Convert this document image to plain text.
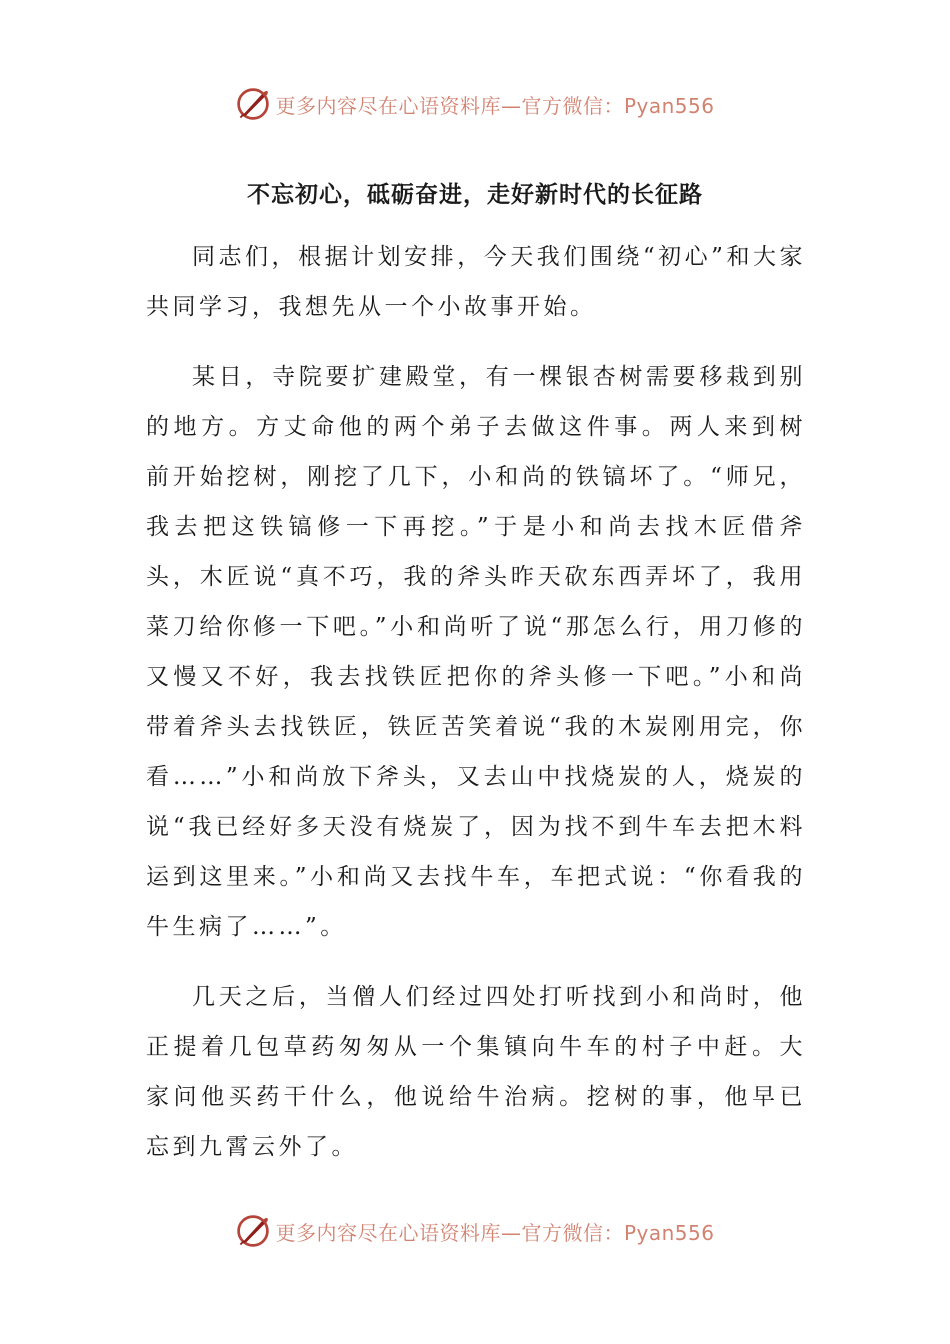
更多内容尽在心语资料库—官方微信：Pyan556
不忘初心，砥砺奋进，走好新时代的长征路

同志们，根据计划安排，今天我们围绕“初心”和大家共同学习，我想先从一个小故事开始。

某日，寺院要扩建殿堂，有一棵银杏树需要移栽到别的地方。方丈命他的两个弟子去做这件事。两人来到树前开始挖树，刚挖了几下，小和尚的铁镐坏了。“师兄，我去把这铁镐修一下再挖。”于是小和尚去找木匠借斧头，木匠说“真不巧，我的斧头昨天砍东西弄坏了，我用菜刀给你修一下吧。”小和尚听了说“那怎么行，用刀修的又慢又不好，我去找铁匠把你的斧头修一下吧。”小和尚带着斧头去找铁匠，铁匠苦笑着说“我的木炭刚用完，你看……”小和尚放下斧头，又去山中找烧炭的人，烧炭的说“我已经好多天没有烧炭了，因为找不到牛车去把木料运到这里来。”小和尚又去找牛车，车把式说：“你看我的牛生病了……”。

几天之后，当僧人们经过四处打听找到小和尚时，他正提着几包草药匆匆从一个集镇向牛车的村子中赶。大家问他买药干什么，他说给牛治病。挖树的事，他早已忘到九霄云外了。

更多内容尽在心语资料库—官方微信：Pyan556
